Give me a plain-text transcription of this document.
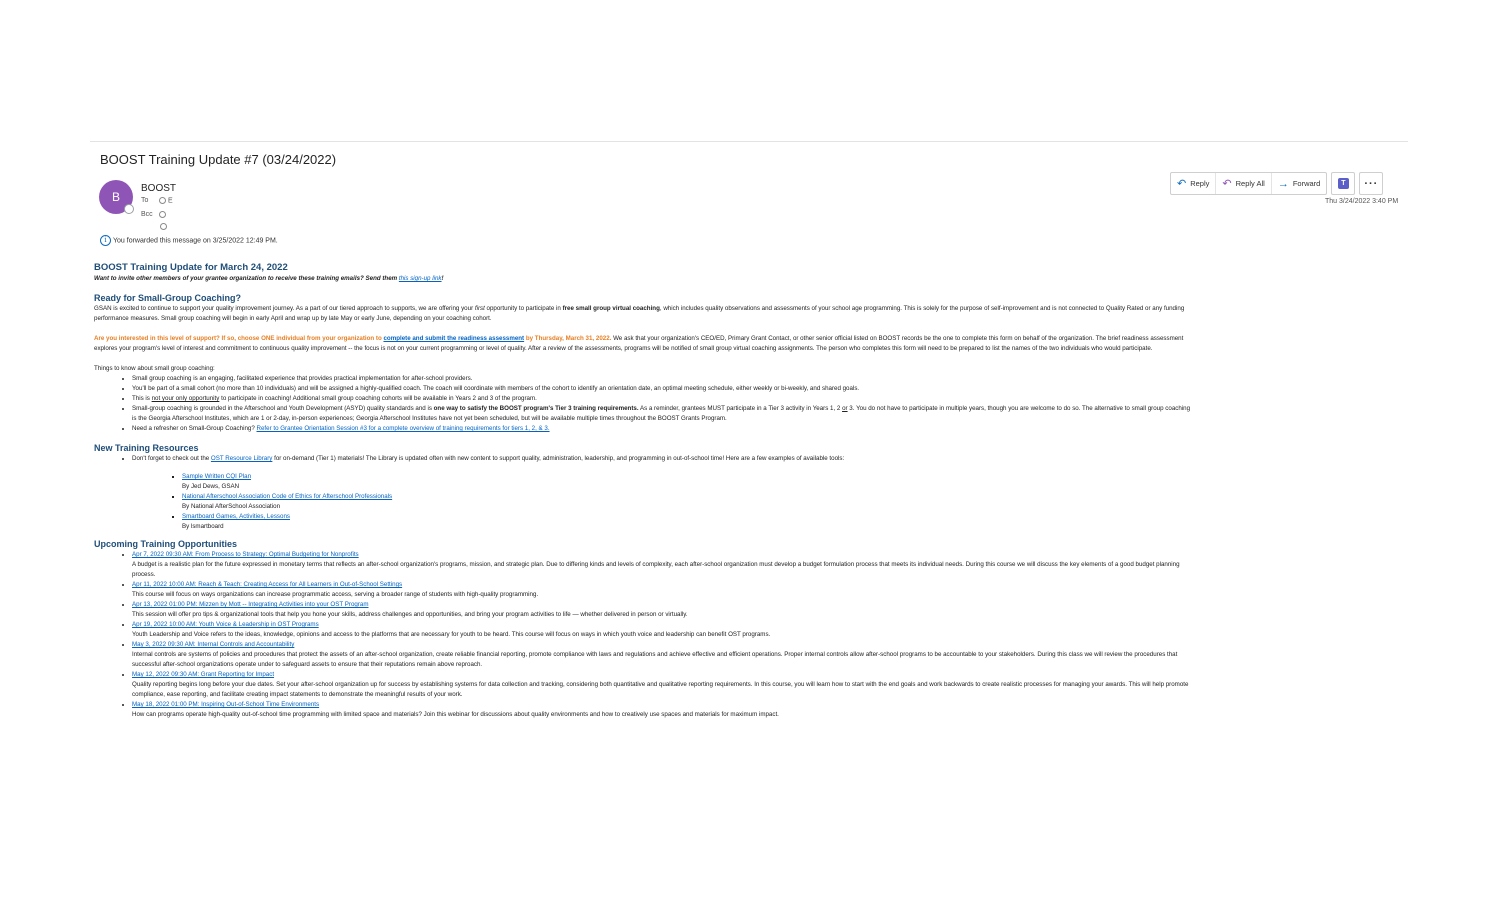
BOOST Training Update #7 (03/24/2022)
B
BOOST
To	E
Bcc
i You forwarded this message on 3/25/2022 12:49 PM.
↶ Reply ↶ Reply All → Forward	T	···
Thu 3/24/2022 3:40 PM

BOOST Training Update for March 24, 2022

Want to invite other members of your grantee organization to receive these training emails? Send them this sign-up link!

Ready for Small-Group Coaching?

GSAN is excited to continue to support your quality improvement journey. As a part of our tiered approach to supports, we are offering your first opportunity to participate in free small group virtual coaching, which includes quality observations and assessments of your school age programming. This is solely for the purpose of self-improvement and is not connected to Quality Rated or any funding performance measures. Small group coaching will begin in early April and wrap up by late May or early June, depending on your coaching cohort.

Are you interested in this level of support? If so, choose ONE individual from your organization to complete and submit the readiness assessment by Thursday, March 31, 2022. We ask that your organization's CEO/ED, Primary Grant Contact, or other senior official listed on BOOST records be the one to complete this form on behalf of the organization. The brief readiness assessment explores your program's level of interest and commitment to continuous quality improvement -- the focus is not on your current programming or level of quality. After a review of the assessments, programs will be notified of small group virtual coaching assignments. The person who completes this form will need to be prepared to list the names of the two individuals who would participate.

Things to know about small group coaching:

• Small group coaching is an engaging, facilitated experience that provides practical implementation for after-school providers.
• You'll be part of a small cohort (no more than 10 individuals) and will be assigned a highly-qualified coach. The coach will coordinate with members of the cohort to identify an orientation date, an optimal meeting schedule, either weekly or bi-weekly, and shared goals.
• This is not your only opportunity to participate in coaching! Additional small group coaching cohorts will be available in Years 2 and 3 of the program.
• Small-group coaching is grounded in the Afterschool and Youth Development (ASYD) quality standards and is one way to satisfy the BOOST program's Tier 3 training requirements. As a reminder, grantees MUST participate in a Tier 3 activity in Years 1, 2 or 3. You do not have to participate in multiple years, though you are welcome to do so. The alternative to small group coaching is the Georgia Afterschool Institutes, which are 1 or 2-day, in-person experiences; Georgia Afterschool Institutes have not yet been scheduled, but will be available multiple times throughout the BOOST Grants Program.
• Need a refresher on Small-Group Coaching? Refer to Grantee Orientation Session #3 for a complete overview of training requirements for tiers 1, 2, & 3.

New Training Resources

• Don't forget to check out the OST Resource Library for on-demand (Tier 1) materials! The Library is updated often with new content to support quality, administration, leadership, and programming in out-of-school time! Here are a few examples of available tools:
▪ Sample Written CQI Plan
By Jed Dews, GSAN
▪ National Afterschool Association Code of Ethics for Afterschool Professionals
By National AfterSchool Association
▪ Smartboard Games, Activities, Lessons
By lsmartboard

Upcoming Training Opportunities

• Apr 7, 2022 09:30 AM: From Process to Strategy: Optimal Budgeting for Nonprofits
A budget is a realistic plan for the future expressed in monetary terms that reflects an after-school organization's programs, mission, and strategic plan. Due to differing kinds and levels of complexity, each after-school organization must develop a budget formulation process that meets its individual needs. During this course we will discuss the key elements of a good budget planning process.
• Apr 11, 2022 10:00 AM: Reach & Teach: Creating Access for All Learners in Out-of-School Settings
This course will focus on ways organizations can increase programmatic access, serving a broader range of students with high-quality programming.
• Apr 13, 2022 01:00 PM: Mizzen by Mott -- Integrating Activities into your OST Program
This session will offer pro tips & organizational tools that help you hone your skills, address challenges and opportunities, and bring your program activities to life — whether delivered in person or virtually.
• Apr 19, 2022 10:00 AM: Youth Voice & Leadership in OST Programs
Youth Leadership and Voice refers to the ideas, knowledge, opinions and access to the platforms that are necessary for youth to be heard. This course will focus on ways in which youth voice and leadership can benefit OST programs.
• May 3, 2022 09:30 AM: Internal Controls and Accountability
Internal controls are systems of policies and procedures that protect the assets of an after-school organization, create reliable financial reporting, promote compliance with laws and regulations and achieve effective and efficient operations. Proper internal controls allow after-school programs to be accountable to your stakeholders. During this class we will review the procedures that successful after-school organizations operate under to safeguard assets to ensure that their reputations remain above reproach.
• May 12, 2022 09:30 AM: Grant Reporting for Impact
Quality reporting begins long before your due dates. Set your after-school organization up for success by establishing systems for data collection and tracking, considering both quantitative and qualitative reporting requirements. In this course, you will learn how to start with the end goals and work backwards to create realistic processes for managing your awards. This will help promote compliance, ease reporting, and facilitate creating impact statements to demonstrate the meaningful results of your work.
• May 18, 2022 01:00 PM: Inspiring Out-of-School Time Environments
How can programs operate high-quality out-of-school time programming with limited space and materials? Join this webinar for discussions about quality environments and how to creatively use spaces and materials for maximum impact.
